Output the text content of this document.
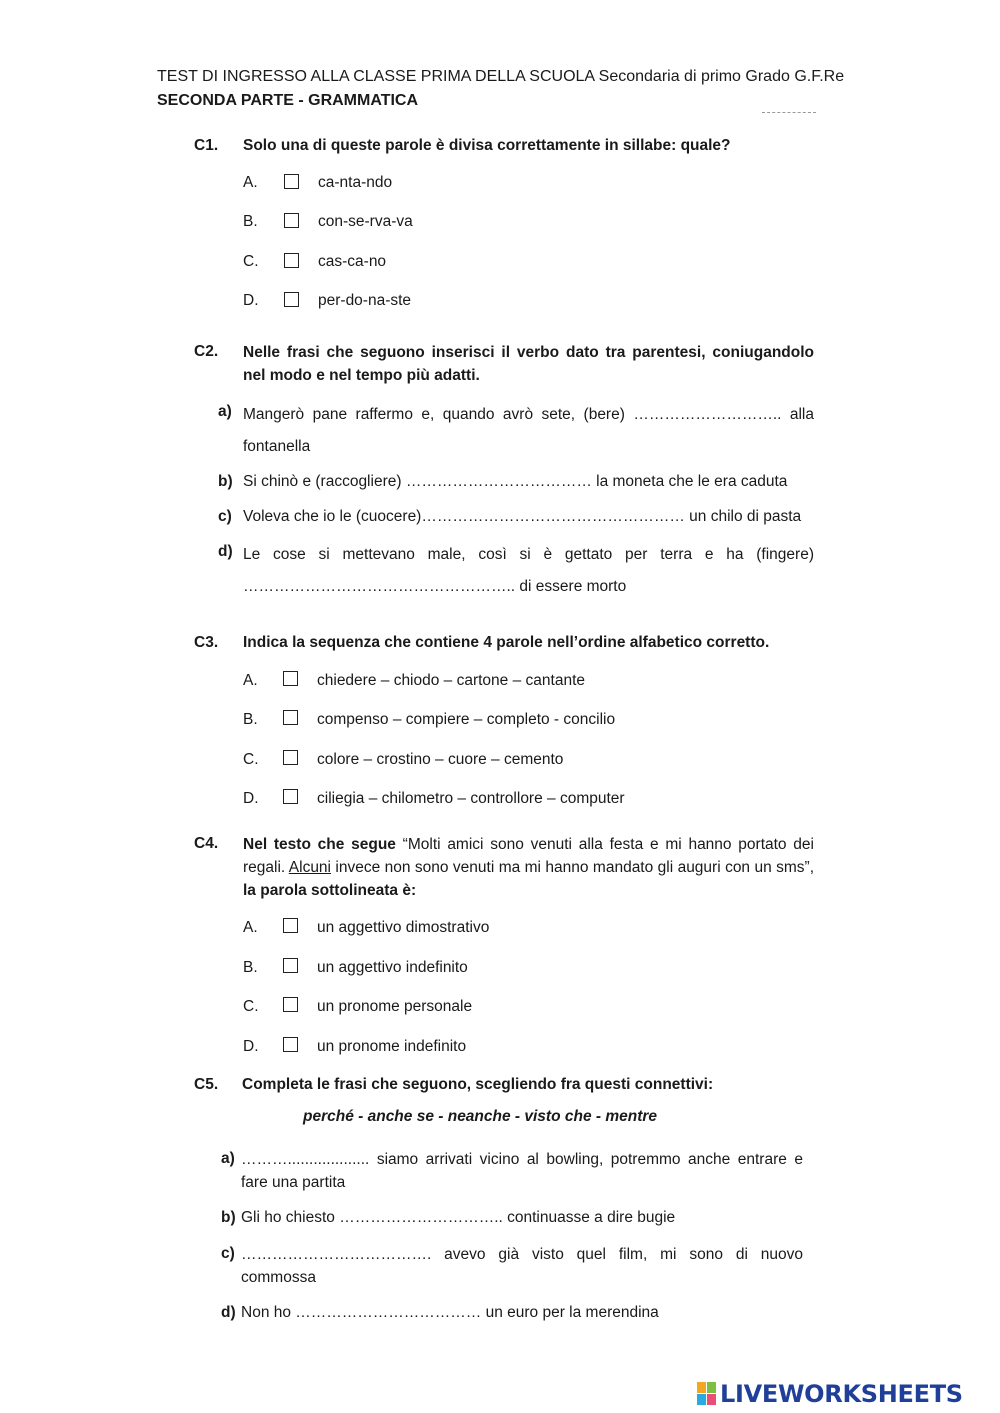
TEST DI INGRESSO ALLA CLASSE PRIMA DELLA SCUOLA Secondaria di primo Grado G.F.Re
SECONDA PARTE - GRAMMATICA
C1. Solo una di queste parole è divisa correttamente in sillabe: quale?
A.	ca-nta-ndo
B.	con-se-rva-va
C.	cas-ca-no
D.	per-do-na-ste
C2. Nelle frasi che seguono inserisci il verbo dato tra parentesi, coniugandolo nel modo e nel tempo più adatti.
a) Mangerò pane raffermo e, quando avrò sete, (bere) ……………………….. alla
fontanella
b) Si chinò e (raccogliere) ……………………………… la moneta che le era caduta
c) Voleva che io le (cuocere)…………………………………………… un chilo di pasta
d) Le cose si mettevano male, così si è gettato per terra e ha (fingere)
…………………………………………….. di essere morto
C3. Indica la sequenza che contiene 4 parole nell’ordine alfabetico corretto.
A.	chiedere – chiodo – cartone – cantante
B.	compenso – compiere – completo - concilio
C.	colore – crostino – cuore – cemento
D.	ciliegia – chilometro – controllore – computer
C4. Nel testo che segue “Molti amici sono venuti alla festa e mi hanno portato dei regali. Alcuni invece non sono venuti ma mi hanno mandato gli auguri con un sms”, la parola sottolineata è:
A.	un aggettivo dimostrativo
B.	un aggettivo indefinito
C.	un pronome personale
D.	un pronome indefinito
C5. Completa le frasi che seguono, scegliendo fra questi connettivi:
perché - anche se - neanche - visto che - mentre
a) ………................... siamo arrivati vicino al bowling, potremmo anche entrare e fare una partita
b) Gli ho chiesto ………………………….. continuasse a dire bugie
c) ………………………………. avevo già visto quel film, mi sono di nuovo commossa
d) Non ho ……………………………… un euro per la merendina
LIVEWORKSHEETS
